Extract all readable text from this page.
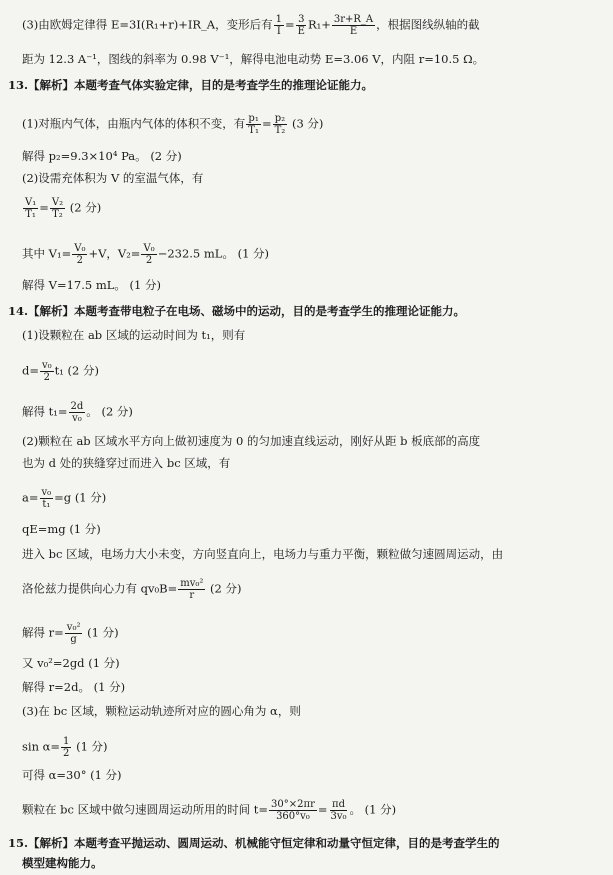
(3)由欧姆定律得 E=3I(R₁+r)+IR_A，变形后有 $\frac{1}{I} = \frac{3}{E} R_1+ \frac{3r+R\_A}{E}$ ，根据图线纵轴的截
距为 12.3 A⁻¹，图线的斜率为 0.98 V⁻¹，解得电池电动势 E=3.06 V，内阻 r=10.5 Ω。
13.【解析】本题考查气体实验定律，目的是考查学生的推理论证能力。
(1)对瓶内气体，由瓶内气体的体积不变，有 $\frac{\text{p₁}}{\text{T₁}} = \frac{\text{p₂}}{\text{T₂}} (3$ 分)
解得 p₂=9.3×10⁴ Pa。 (2 分)
(2)设需充体积为 V 的室温气体，有
$\frac{\text{V₁}}{\text{T₁}} = \frac{\text{V₂}}{\text{T₂}} (2$ 分)
其中 $V_1= \frac{\text{V₀}}{2} +V$，$V_2= \frac{\text{V₀}}{2} -232.5$ mL。 (1 分)
解得 V=17.5 mL。 (1 分)
14.【解析】本题考查带电粒子在电场、磁场中的运动，目的是考查学生的推理论证能力。
(1)设颗粒在 ab 区域的运动时间为 t₁，则有
$d= \frac{\text{v₀}}{2} t_1$ (2 分)
解得 $t_1= \frac{2d}{\text{v₀}}$ 。 (2 分)
(2)颗粒在 ab 区域水平方向上做初速度为 0 的匀加速直线运动，刚好从距 b 板底部的高度
也为 d 处的狭缝穿过而进入 bc 区域，有
$a= \frac{\text{v₀}}{\text{t₁}} =g$ (1 分)
qE=mg (1 分)
进入 bc 区域，电场力大小未变，方向竖直向上，电场力与重力平衡，颗粒做匀速圆周运动，由
洛伦兹力提供向心力有 $qv_0B= \frac{\text{mv₀²}}{r} (2$ 分)
解得 $r= \frac{\text{v₀²}}{g} (1$ 分)
又 v₀²=2gd (1 分)
解得 r=2d。 (1 分)
(3)在 bc 区域，颗粒运动轨迹所对应的圆心角为 α，则
$\sin \alpha= \frac{1}{2} (1$ 分)
可得 α=30° (1 分)
颗粒在 bc 区域中做匀速圆周运动所用的时间 $t= \frac{30^\circ\times 2\pi r}{\text{360°v₀}} = \frac{\pi d}{\text{3v₀}}$ 。 (1 分)
15.【解析】本题考查平抛运动、圆周运动、机械能守恒定律和动量守恒定律，目的是考查学生的
模型建构能力。
